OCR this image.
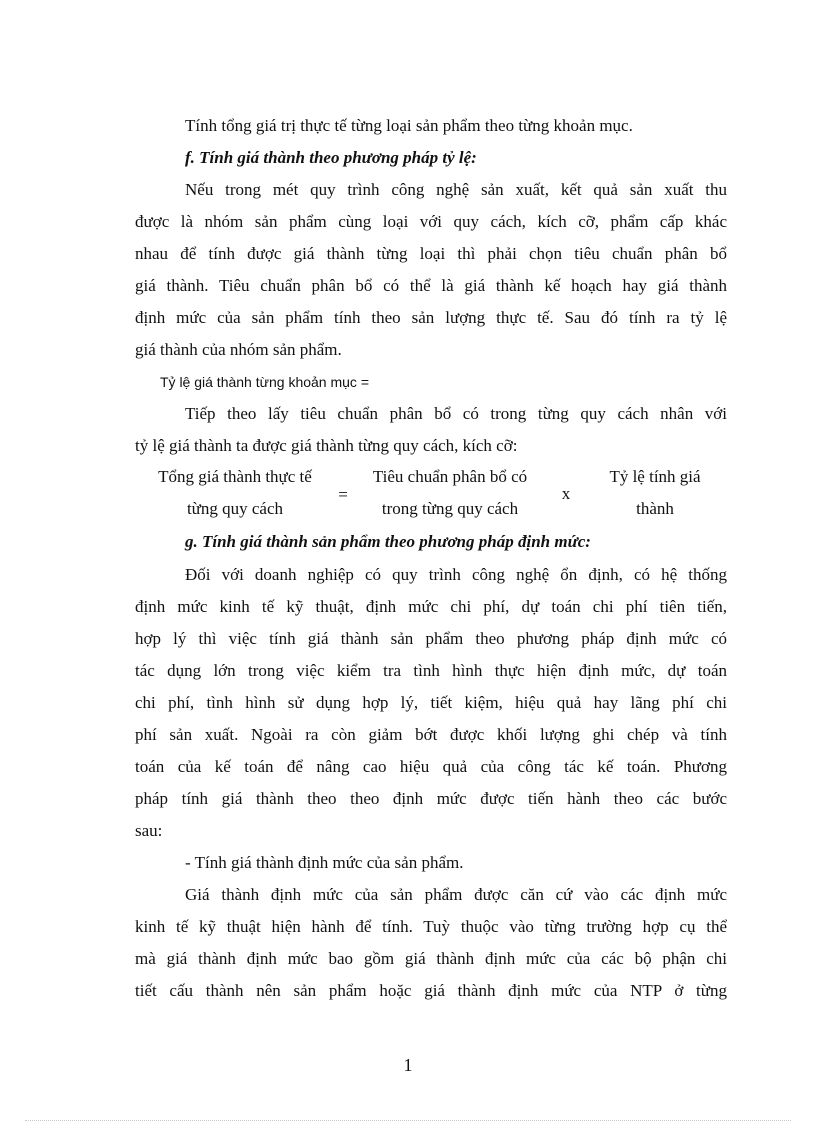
Tính tổng giá trị thực tế từng loại sản phẩm theo từng khoản mục.
f. Tính giá thành theo phương pháp tỷ lệ:
Nếu trong mét quy trình công nghệ sản xuất, kết quả sản xuất thu
được là nhóm sản phẩm cùng loại với quy cách, kích cỡ, phẩm cấp khác
nhau để tính được giá thành từng loại thì phải chọn tiêu chuẩn phân bổ
giá thành. Tiêu chuẩn phân bổ có thể là giá thành kế hoạch hay giá thành
định mức của sản phẩm tính theo sản lượng thực tế. Sau đó tính ra tỷ lệ
giá thành của nhóm sản phẩm.
Tỷ lệ giá thành từng khoản mục =
Tiếp theo lấy tiêu chuẩn phân bổ có trong từng quy cách nhân với
tỷ lệ giá thành ta được giá thành từng quy cách, kích cỡ:
Tổng giá thành thực tế
từng quy cách
=
Tiêu chuẩn phân bổ có
trong từng quy cách
x
Tỷ lệ tính giá
thành
g. Tính giá thành sản phẩm theo phương pháp định mức:
Đối với doanh nghiệp có quy trình công nghệ ổn định, có hệ thống
định mức kinh tế kỹ thuật, định mức chi phí, dự toán chi phí tiên tiến,
hợp lý thì việc tính giá thành sản phẩm theo phương pháp định mức có
tác dụng lớn trong việc kiểm tra tình hình thực hiện định mức, dự toán
chi phí, tình hình sử dụng hợp lý, tiết kiệm, hiệu quả hay lãng phí chi
phí sản xuất. Ngoài ra còn giảm bớt được khối lượng ghi chép và tính
toán của kế toán để nâng cao hiệu quả của công tác kế toán. Phương
pháp tính giá thành theo theo định mức được tiến hành theo các bước
sau:
- Tính giá thành định mức của sản phẩm.
Giá thành định mức của sản phẩm được căn cứ vào các định mức
kinh tế kỹ thuật hiện hành để tính. Tuỳ thuộc vào từng trường hợp cụ thể
mà giá thành định mức bao gồm giá thành định mức của các bộ phận chi
tiết cấu thành nên sản phẩm hoặc giá thành định mức của NTP ở từng
1
